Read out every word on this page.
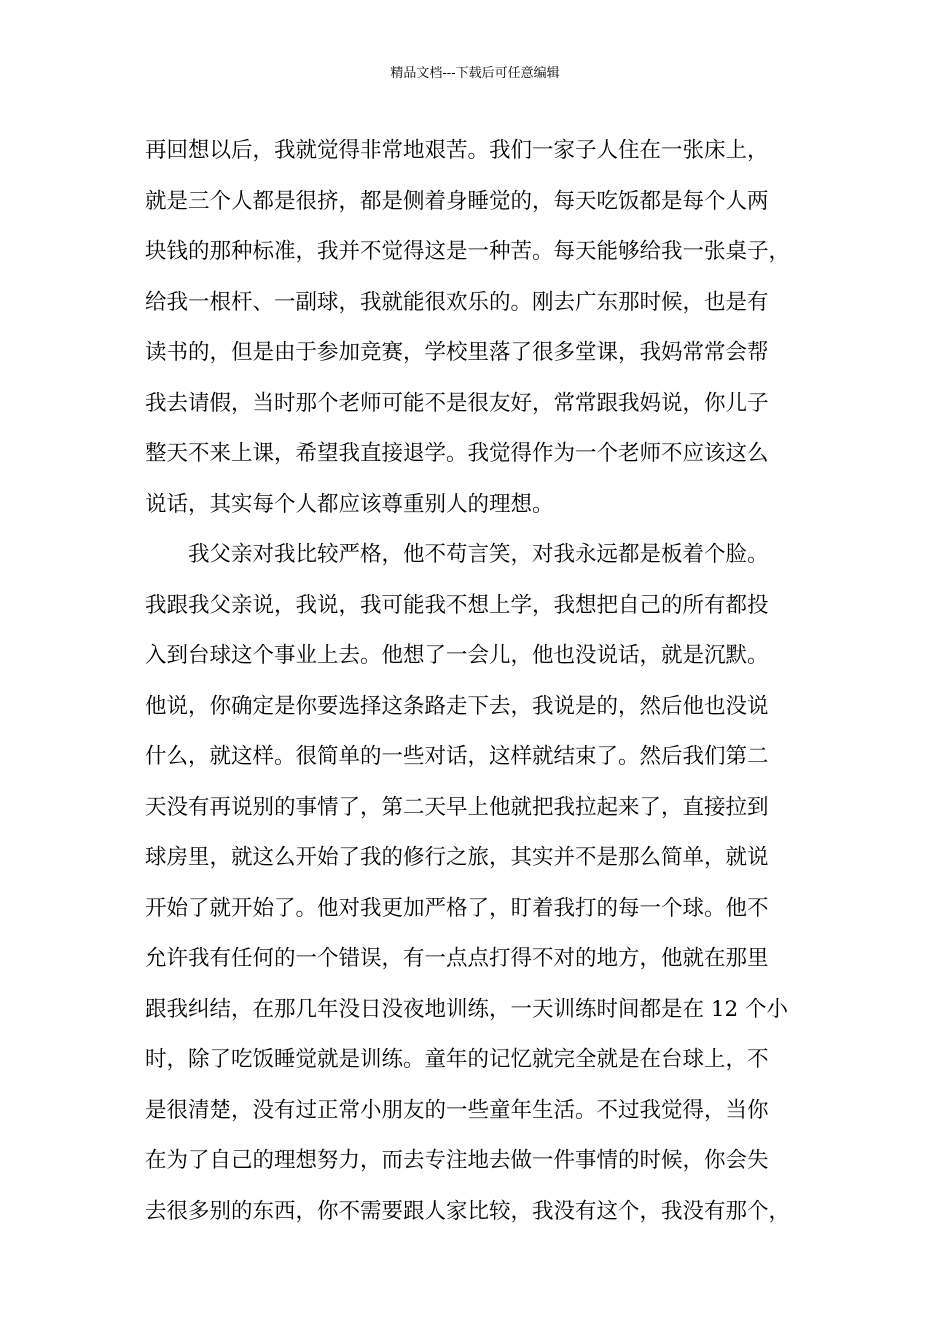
精品文档---下载后可任意编辑
再回想以后，我就觉得非常地艰苦。我们一家子人住在一张床上，
就是三个人都是很挤，都是侧着身睡觉的，每天吃饭都是每个人两
块钱的那种标准，我并不觉得这是一种苦。每天能够给我一张桌子，
给我一根杆、一副球，我就能很欢乐的。刚去广东那时候，也是有
读书的，但是由于参加竞赛，学校里落了很多堂课，我妈常常会帮
我去请假，当时那个老师可能不是很友好，常常跟我妈说，你儿子
整天不来上课，希望我直接退学。我觉得作为一个老师不应该这么
说话，其实每个人都应该尊重别人的理想。
　　我父亲对我比较严格，他不苟言笑，对我永远都是板着个脸。
我跟我父亲说，我说，我可能我不想上学，我想把自己的所有都投
入到台球这个事业上去。他想了一会儿，他也没说话，就是沉默。
他说，你确定是你要选择这条路走下去，我说是的，然后他也没说
什么，就这样。很简单的一些对话，这样就结束了。然后我们第二
天没有再说别的事情了，第二天早上他就把我拉起来了，直接拉到
球房里，就这么开始了我的修行之旅，其实并不是那么简单，就说
开始了就开始了。他对我更加严格了，盯着我打的每一个球。他不
允许我有任何的一个错误，有一点点打得不对的地方，他就在那里
跟我纠结，在那几年没日没夜地训练，一天训练时间都是在 12 个小
时，除了吃饭睡觉就是训练。童年的记忆就完全就是在台球上，不
是很清楚，没有过正常小朋友的一些童年生活。不过我觉得，当你
在为了自己的理想努力，而去专注地去做一件事情的时候，你会失
去很多别的东西，你不需要跟人家比较，我没有这个，我没有那个，
